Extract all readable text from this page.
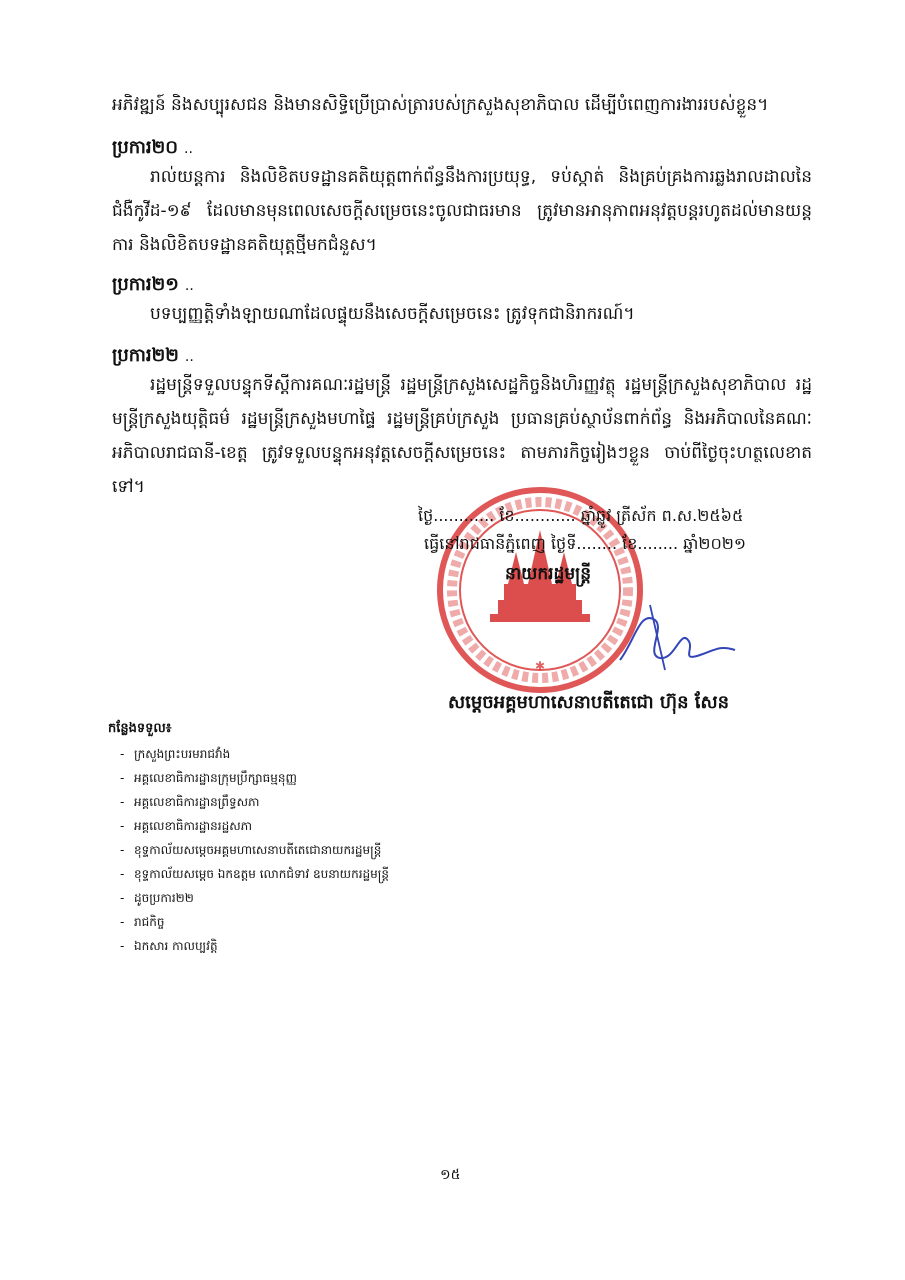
អភិវឌ្ឍន៍ និងសប្បុរសជន និងមានសិទ្ធិប្រើប្រាស់ត្រារបស់ក្រសួងសុខាភិបាល ដើម្បីបំពេញការងាររបស់ខ្លួន។

ប្រការ២០ ..

រាល់យន្តការ និងលិខិតបទដ្ឋានគតិយុត្តពាក់ព័ន្ធនឹងការប្រយុទ្ធ, ទប់ស្កាត់ និងគ្រប់គ្រងការឆ្លងរាលដាលនៃជំងឺកូវីដ-១៩ ដែលមានមុនពេលសេចក្ដីសម្រេចនេះចូលជាធរមាន ត្រូវមានអានុភាពអនុវត្តបន្តរហូតដល់មានយន្តការ និងលិខិតបទដ្ឋានគតិយុត្តថ្មីមកជំនួស។

ប្រការ២១ ..

បទប្បញ្ញត្តិទាំងឡាយណាដែលផ្ទុយនឹងសេចក្ដីសម្រេចនេះ ត្រូវទុកជានិរាករណ៍។

ប្រការ២២ ..

រដ្ឋមន្ត្រីទទួលបន្ទុកទីស្ដីការគណៈរដ្ឋមន្ត្រី រដ្ឋមន្ត្រីក្រសួងសេដ្ឋកិច្ចនិងហិរញ្ញវត្ថុ រដ្ឋមន្ត្រីក្រសួងសុខាភិបាល រដ្ឋមន្ត្រីក្រសួងយុត្តិធម៌ រដ្ឋមន្ត្រីក្រសួងមហាផ្ទៃ រដ្ឋមន្ត្រីគ្រប់ក្រសួង ប្រធានគ្រប់ស្ថាប័នពាក់ព័ន្ធ និងអភិបាលនៃគណៈអភិបាលរាជធានី-ខេត្ត ត្រូវទទួលបន្ទុកអនុវត្តសេចក្ដីសម្រេចនេះ តាមភារកិច្ចរៀងៗខ្លួន ចាប់ពីថ្ងៃចុះហត្ថលេខាតទៅ។

✱
ថ្ងៃ............ ខែ............ ឆ្នាំឆ្លូវ ត្រីស័ក ព.ស.២៥៦៥
ធ្វើនៅរាជធានីភ្នំពេញ ថ្ងៃទី........ ខែ........ ឆ្នាំ២០២១
នាយករដ្ឋមន្ត្រី
សម្ដេចអគ្គមហាសេនាបតីតេជោ ហ៊ុន សែន
កន្លែងទទួល៖
- ក្រសួងព្រះបរមរាជវាំង
- អគ្គលេខាធិការដ្ឋានក្រុមប្រឹក្សាធម្មនុញ្ញ
- អគ្គលេខាធិការដ្ឋានព្រឹទ្ធសភា
- អគ្គលេខាធិការដ្ឋានរដ្ឋសភា
- ខុទ្ទកាល័យសម្ដេចអគ្គមហាសេនាបតីតេជោនាយករដ្ឋមន្ត្រី
- ខុទ្ទកាល័យសម្ដេច ឯកឧត្ដម លោកជំទាវ ឧបនាយករដ្ឋមន្ត្រី
- ដូចប្រការ២២
- រាជកិច្ច
- ឯកសារ កាលប្បវត្តិ
១៥
